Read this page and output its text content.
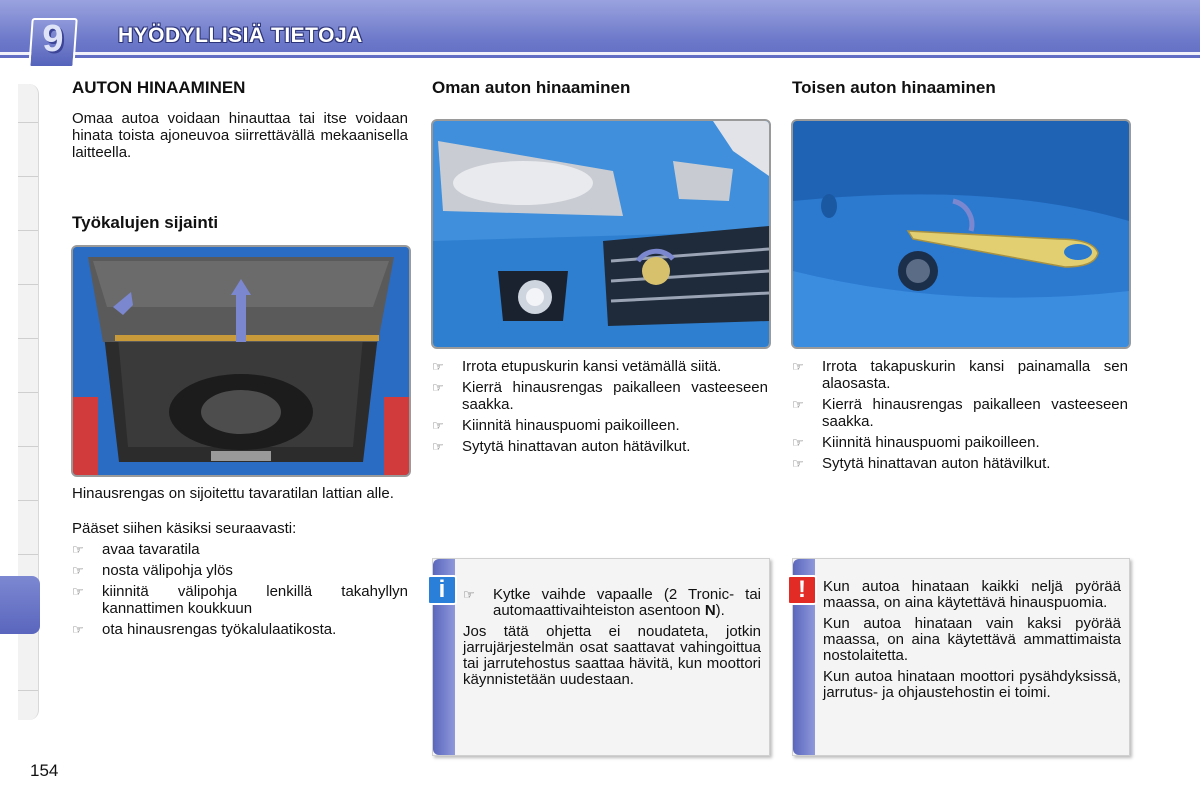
9	HYÖDYLLISIÄ TIETOJA
AUTON HINAAMINEN

Omaa autoa voidaan hinauttaa tai itse voidaan hinata toista ajoneuvoa siirrettävällä mekaanisella laitteella.

Työkalujen sijainti

Hinausrengas on sijoitettu tavaratilan lattian alle.

Pääset siihen käsiksi seuraavasti:

☞ avaa tavaratila
☞ nosta välipohja ylös
☞ kiinnitä välipohja lenkillä takahyllyn kannattimen koukkuun
☞ ota hinausrengas työkalulaatikosta.
Oman auton hinaaminen
☞ Irrota etupuskurin kansi vetämällä siitä.
☞ Kierrä hinausrengas paikalleen vasteeseen saakka.
☞ Kiinnitä hinauspuomi paikoilleen.
☞ Sytytä hinattavan auton hätävilkut.
i	☞ Kytke vaihde vapaalle (2 Tronic- tai automaattivaihteiston asentoon N).

Jos tätä ohjetta ei noudateta, jotkin jarrujärjestelmän osat saattavat vahingoittua tai jarrutehostus saattaa hävitä, kun moottori käynnistetään uudestaan.

Toisen auton hinaaminen
☞ Irrota takapuskurin kansi painamalla sen alaosasta.
☞ Kierrä hinausrengas paikalleen vasteeseen saakka.
☞ Kiinnitä hinauspuomi paikoilleen.
☞ Sytytä hinattavan auton hätävilkut.
!	Kun autoa hinataan kaikki neljä pyörää maassa, on aina käytettävä hinauspuomia.

Kun autoa hinataan vain kaksi pyörää maassa, on aina käytettävä ammattimaista nostolaitetta.

Kun autoa hinataan moottori pysähdyksissä, jarrutus- ja ohjaustehostin ei toimi.

154
